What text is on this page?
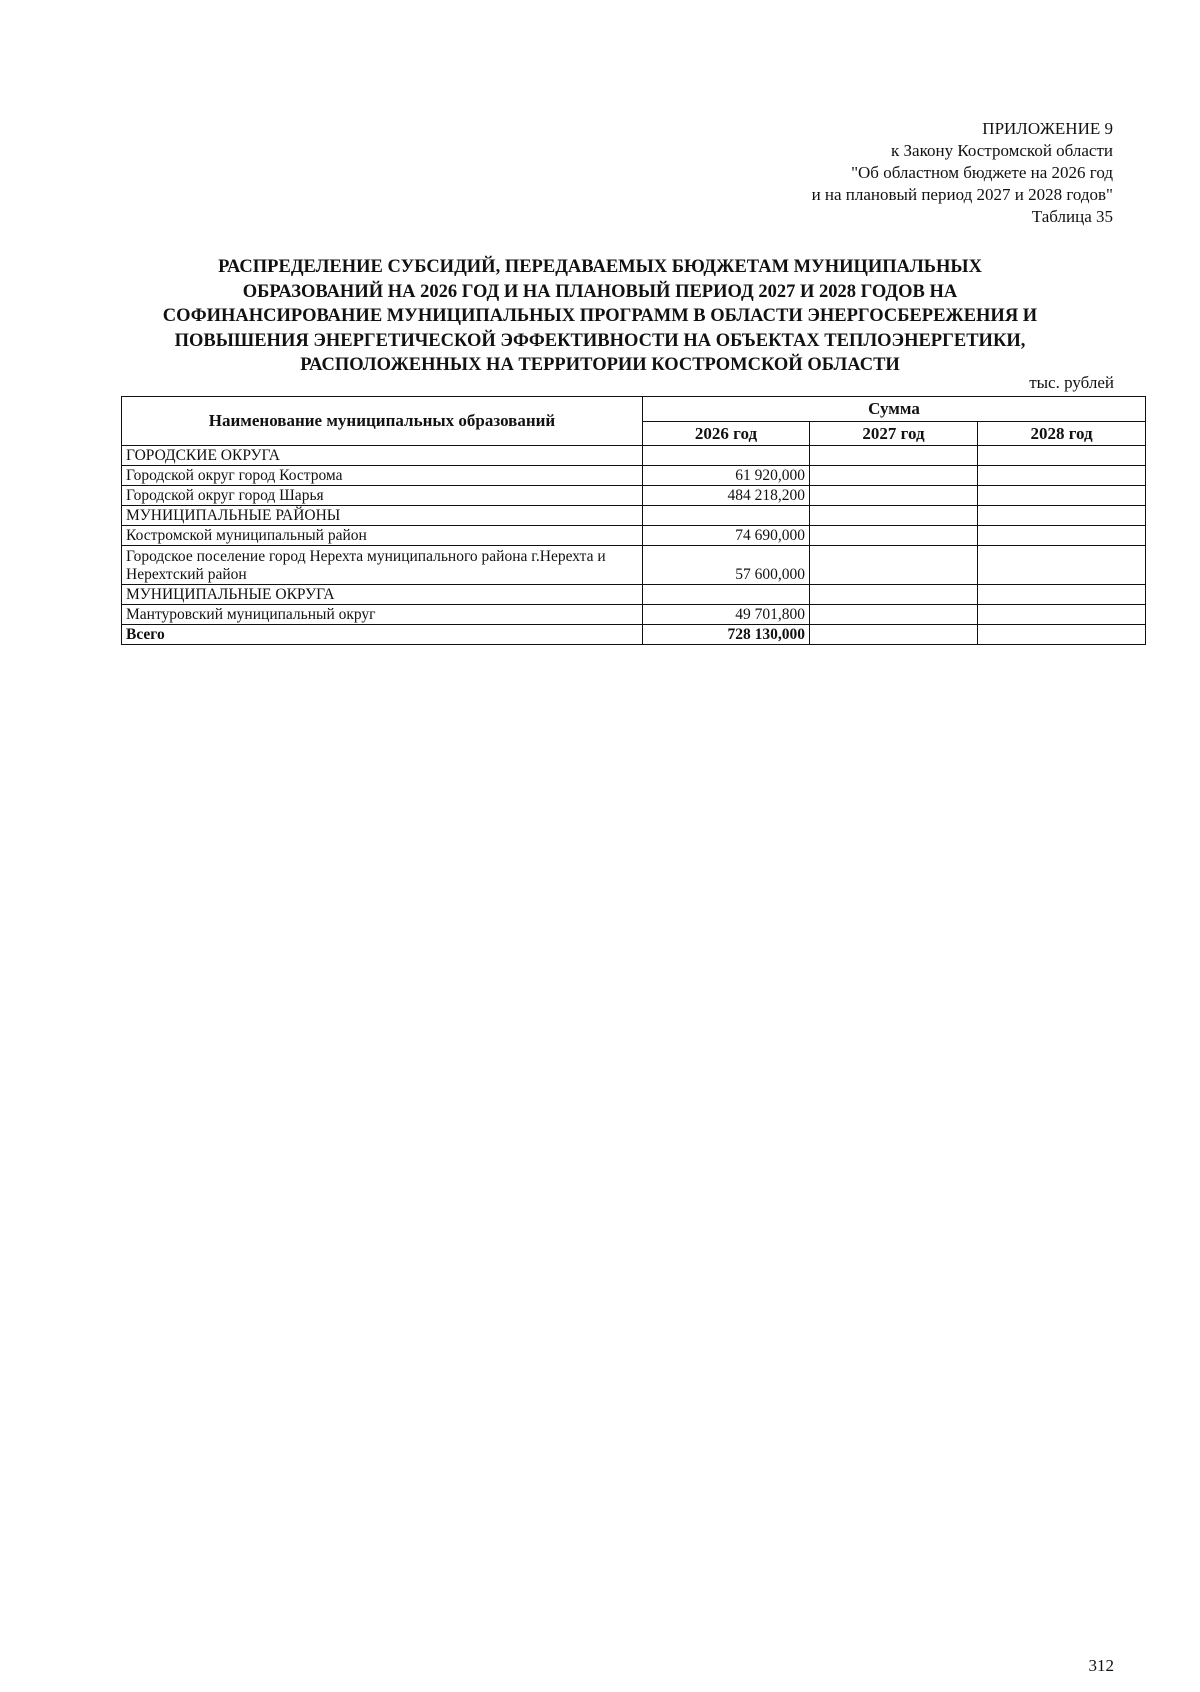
ПРИЛОЖЕНИЕ 9
к Закону Костромской области
"Об областном бюджете на 2026 год
и на плановый период 2027 и 2028 годов"
Таблица 35
РАСПРЕДЕЛЕНИЕ СУБСИДИЙ, ПЕРЕДАВАЕМЫХ БЮДЖЕТАМ МУНИЦИПАЛЬНЫХ
ОБРАЗОВАНИЙ НА 2026 ГОД И НА ПЛАНОВЫЙ ПЕРИОД 2027 И 2028 ГОДОВ НА
СОФИНАНСИРОВАНИЕ МУНИЦИПАЛЬНЫХ ПРОГРАММ В ОБЛАСТИ ЭНЕРГОСБЕРЕЖЕНИЯ И
ПОВЫШЕНИЯ ЭНЕРГЕТИЧЕСКОЙ ЭФФЕКТИВНОСТИ НА ОБЪЕКТАХ ТЕПЛОЭНЕРГЕТИКИ,
РАСПОЛОЖЕННЫХ НА ТЕРРИТОРИИ КОСТРОМСКОЙ ОБЛАСТИ
тыс. рублей
Наименование муниципальных образований	Сумма		
	2026 год	2027 год	2028 год
ГОРОДСКИЕ ОКРУГА			
Городской округ город Кострома	61 920,000		
Городской округ город Шарья	484 218,200		
МУНИЦИПАЛЬНЫЕ РАЙОНЫ			
Костромской муниципальный район	74 690,000		
Городское поселение город Нерехта муниципального района г.Нерехта и Нерехтский район	57 600,000		
МУНИЦИПАЛЬНЫЕ ОКРУГА			
Мантуровский муниципальный округ	49 701,800		
Всего	728 130,000		
312
